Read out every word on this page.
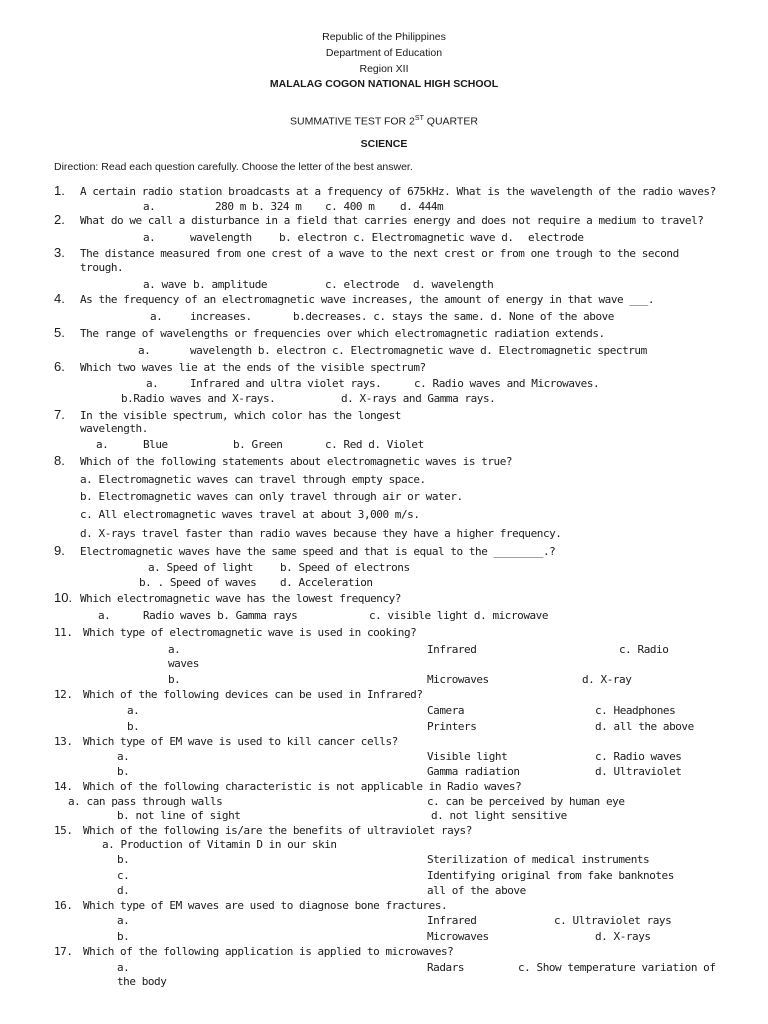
Republic of the Philippines
Department of Education
Region XII
MALALAG COGON NATIONAL HIGH SCHOOL
SUMMATIVE TEST FOR 2ST QUARTER
SCIENCE
Direction: Read each question carefully. Choose the letter of the best answer.
1. A certain radio station broadcasts at a frequency of 675kHz. What is the wavelength of the radio waves?
a.	280 m b. 324 m c. 400 m d. 444m
2. What do we call a disturbance in a field that carries energy and does not require a medium to travel?
a.	wavelength b. electron c. Electromagnetic wave d. electrode
3. The distance measured from one crest of a wave to the next crest or from one trough to the second
trough.
a. wave b. amplitude	c. electrode d. wavelength
4. As the frequency of an electromagnetic wave increases, the amount of energy in that wave ___.
a.	increases.	b.decreases. c. stays the same. d. None of the above
5. The range of wavelengths or frequencies over which electromagnetic radiation extends.
a.	wavelength b. electron c. Electromagnetic wave d. Electromagnetic spectrum
6. Which two waves lie at the ends of the visible spectrum?
a.	Infrared and ultra violet rays.	c. Radio waves and Microwaves.
b.Radio waves and X-rays.	d. X-rays and Gamma rays.
7. In the visible spectrum, which color has the longest
wavelength.
a.	Blue	b. Green	c. Red d. Violet
8. Which of the following statements about electromagnetic waves is true?
a. Electromagnetic waves can travel through empty space.
b. Electromagnetic waves can only travel through air or water.
c. All electromagnetic waves travel at about 3,000 m/s.
d. X-rays travel faster than radio waves because they have a higher frequency.
9. Electromagnetic waves have the same speed and that is equal to the ________.?
a. Speed of light b. Speed of electrons
b. . Speed of waves d. Acceleration
10. Which electromagnetic wave has the lowest frequency?
a.	Radio waves b. Gamma rays	c. visible light d. microwave
11. Which type of electromagnetic wave is used in cooking?
a.
waves
Infrared	c. Radio
b.	Microwaves	d. X-ray
12. Which of the following devices can be used in Infrared?
a.	Camera	c. Headphones
b.	Printers	d. all the above
13. Which type of EM wave is used to kill cancer cells?
a.	Visible light	c. Radio waves
b.	Gamma radiation	d. Ultraviolet
14. Which of the following characteristic is not applicable in Radio waves?
a. can pass through walls	c. can be perceived by human eye
b. not line of sight	d. not light sensitive
15. Which of the following is/are the benefits of ultraviolet rays?
a. Production of Vitamin D in our skin
b.	Sterilization of medical instruments
c.	Identifying original from fake banknotes
d.	all of the above
16. Which type of EM waves are used to diagnose bone fractures.
a.	Infrared	c. Ultraviolet rays
b.	Microwaves	d. X-rays
17. Which of the following application is applied to microwaves?
a.	Radars	c. Show temperature variation of
the body
